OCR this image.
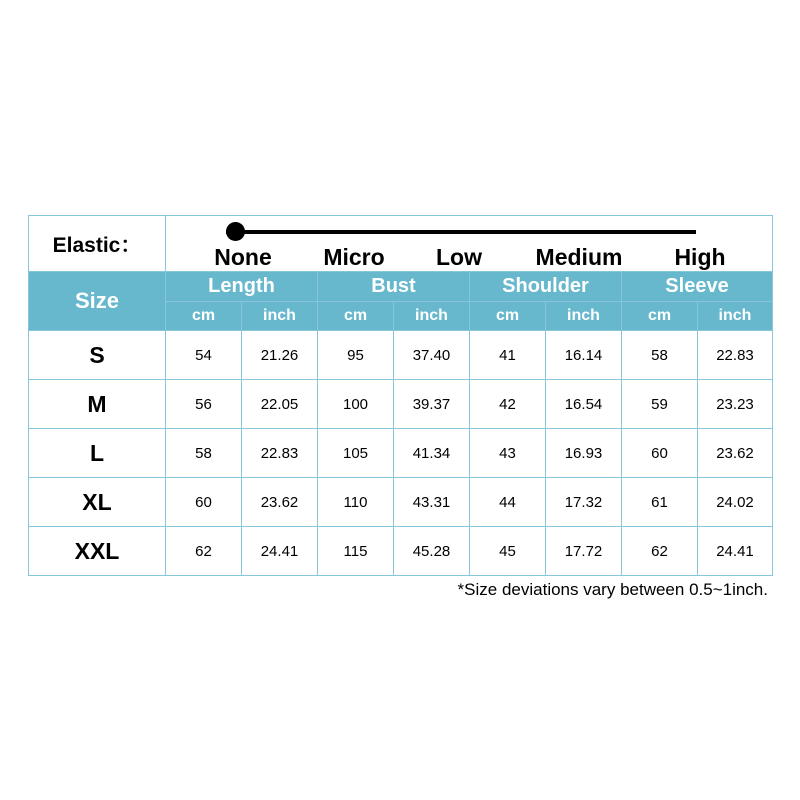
Elastic：	None Micro Low Medium High							

Size	Length		Bust		Shoulder		Sleeve	
	cm	inch	cm	inch	cm	inch	cm	inch
S	54	21.26	95	37.40	41	16.14	58	22.83
M	56	22.05	100	39.37	42	16.54	59	23.23
L	58	22.83	105	41.34	43	16.93	60	23.62
XL	60	23.62	110	43.31	44	17.32	61	24.02
XXL	62	24.41	115	45.28	45	17.72	62	24.41
*Size deviations vary between 0.5~1inch.
